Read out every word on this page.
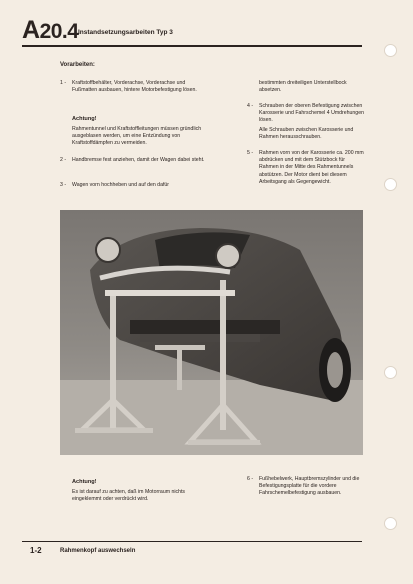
A20.4 Instandsetzungsarbeiten Typ 3
Vorarbeiten:
1 -	Kraftstoffbehälter, Vorderachse, Vorderachse und Fußmatten ausbauen, hintere Motorbefestigung lösen.
Achtung!
Rahmentunnel und Kraftstoffleitungen müssen gründlich ausgeblasen werden, um eine Entzündung von Kraftstoffdämpfen zu vermeiden.
2 -	Handbremse fest anziehen, damit der Wagen dabei steht.
3 -	Wagen vorn hochheben und auf den dafür
bestimmten dreiteiligen Unterstellbock absetzen.
4 -	Schrauben der oberen Befestigung zwischen Karosserie und Fahrschemel 4 Umdrehungen lösen.
Alle Schrauben zwischen Karosserie und Rahmen herausschrauben.
5 -	Rahmen vorn von der Karosserie ca. 200 mm abdrücken und mit dem Stützbock für Rahmen in der Mitte des Rahmentunnels abstützen. Der Motor dient bei diesem Arbeitsgang als Gegengewicht.
Achtung!
Es ist darauf zu achten, daß im Motorraum nichts eingeklemmt oder verdrückt wird.
6 -	Fußhebelwerk, Hauptbremszylinder und die Befestigungsplatte für die vordere Fahrschemelbefestigung ausbauen.
1-2	Rahmenkopf auswechseln
